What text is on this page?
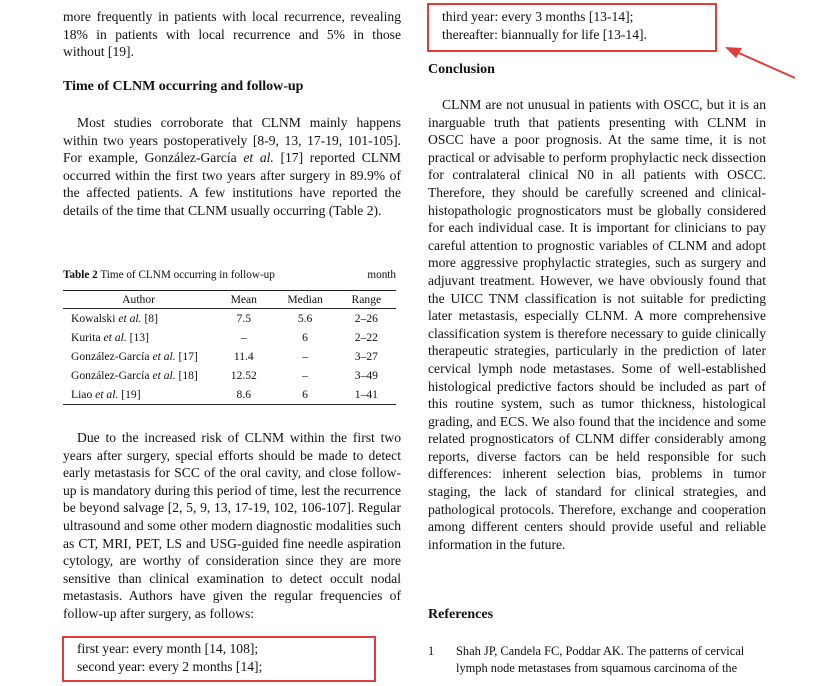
more frequently in patients with local recurrence, revealing 18% in patients with local recurrence and 5% in those without [19].

Time of CLNM occurring and follow-up

Most studies corroborate that CLNM mainly happens within two years postoperatively [8-9, 13, 17-19, 101-105]. For example, González-García et al. [17] reported CLNM occurred within the first two years after surgery in 89.9% of the affected patients. A few institutions have reported the details of the time that CLNM usually occurring (Table 2).

Due to the increased risk of CLNM within the first two years after surgery, special efforts should be made to detect early metastasis for SCC of the oral cavity, and close follow-up is mandatory during this period of time, lest the recurrence be beyond salvage [2, 5, 9, 13, 17-19, 102, 106-107]. Regular ultrasound and some other modern diagnostic modalities such as CT, MRI, PET, LS and USG-guided fine needle aspiration cytology, are worthy of consideration since they are more sensitive than clinical examination to detect occult nodal metastasis. Authors have given the regular frequencies of follow-up after surgery, as follows:

first year: every month [14, 108];

second year: every 2 months [14];

Table 2 Time of CLNM occurring in follow-up	month
Author	Mean	Median	Range
Kowalski et al. [8]	7.5	5.6	2–26
Kurita et al. [13]	–	6	2–22
González-García et al. [17]	11.4	–	3–27
González-García et al. [18]	12.52	–	3–49
Liao et al. [19]	8.6	6	1–41

third year: every 3 months [13-14];

thereafter: biannually for life [13-14].

Conclusion

CLNM are not unusual in patients with OSCC, but it is an inarguable truth that patients presenting with CLNM in OSCC have a poor prognosis. At the same time, it is not practical or advisable to perform prophylactic neck dissection for contralateral clinical N0 in all patients with OSCC. Therefore, they should be carefully screened and clinical-histopathologic prognosticators must be globally considered for each individual case. It is important for clinicians to pay careful attention to prognostic variables of CLNM and adopt more aggressive prophylactic strategies, such as surgery and adjuvant treatment. However, we have obviously found that the UICC TNM classification is not suitable for predicting later metastasis, especially CLNM. A more comprehensive classification system is therefore necessary to guide clinically therapeutic strategies, particularly in the prediction of later cervical lymph node metastases. Some of well-established histological predictive factors should be included as part of this routine system, such as tumor thickness, histological grading, and ECS. We also found that the incidence and some related prognosticators of CLNM differ considerably among reports, diverse factors can be held responsible for such differences: inherent selection bias, problems in tumor staging, the lack of standard for clinical strategies, and pathological protocols. Therefore, exchange and cooperation among different centers should provide useful and reliable information in the future.

References

1 Shah JP, Candela FC, Poddar AK. The patterns of cervical lymph node metastases from squamous carcinoma of the
